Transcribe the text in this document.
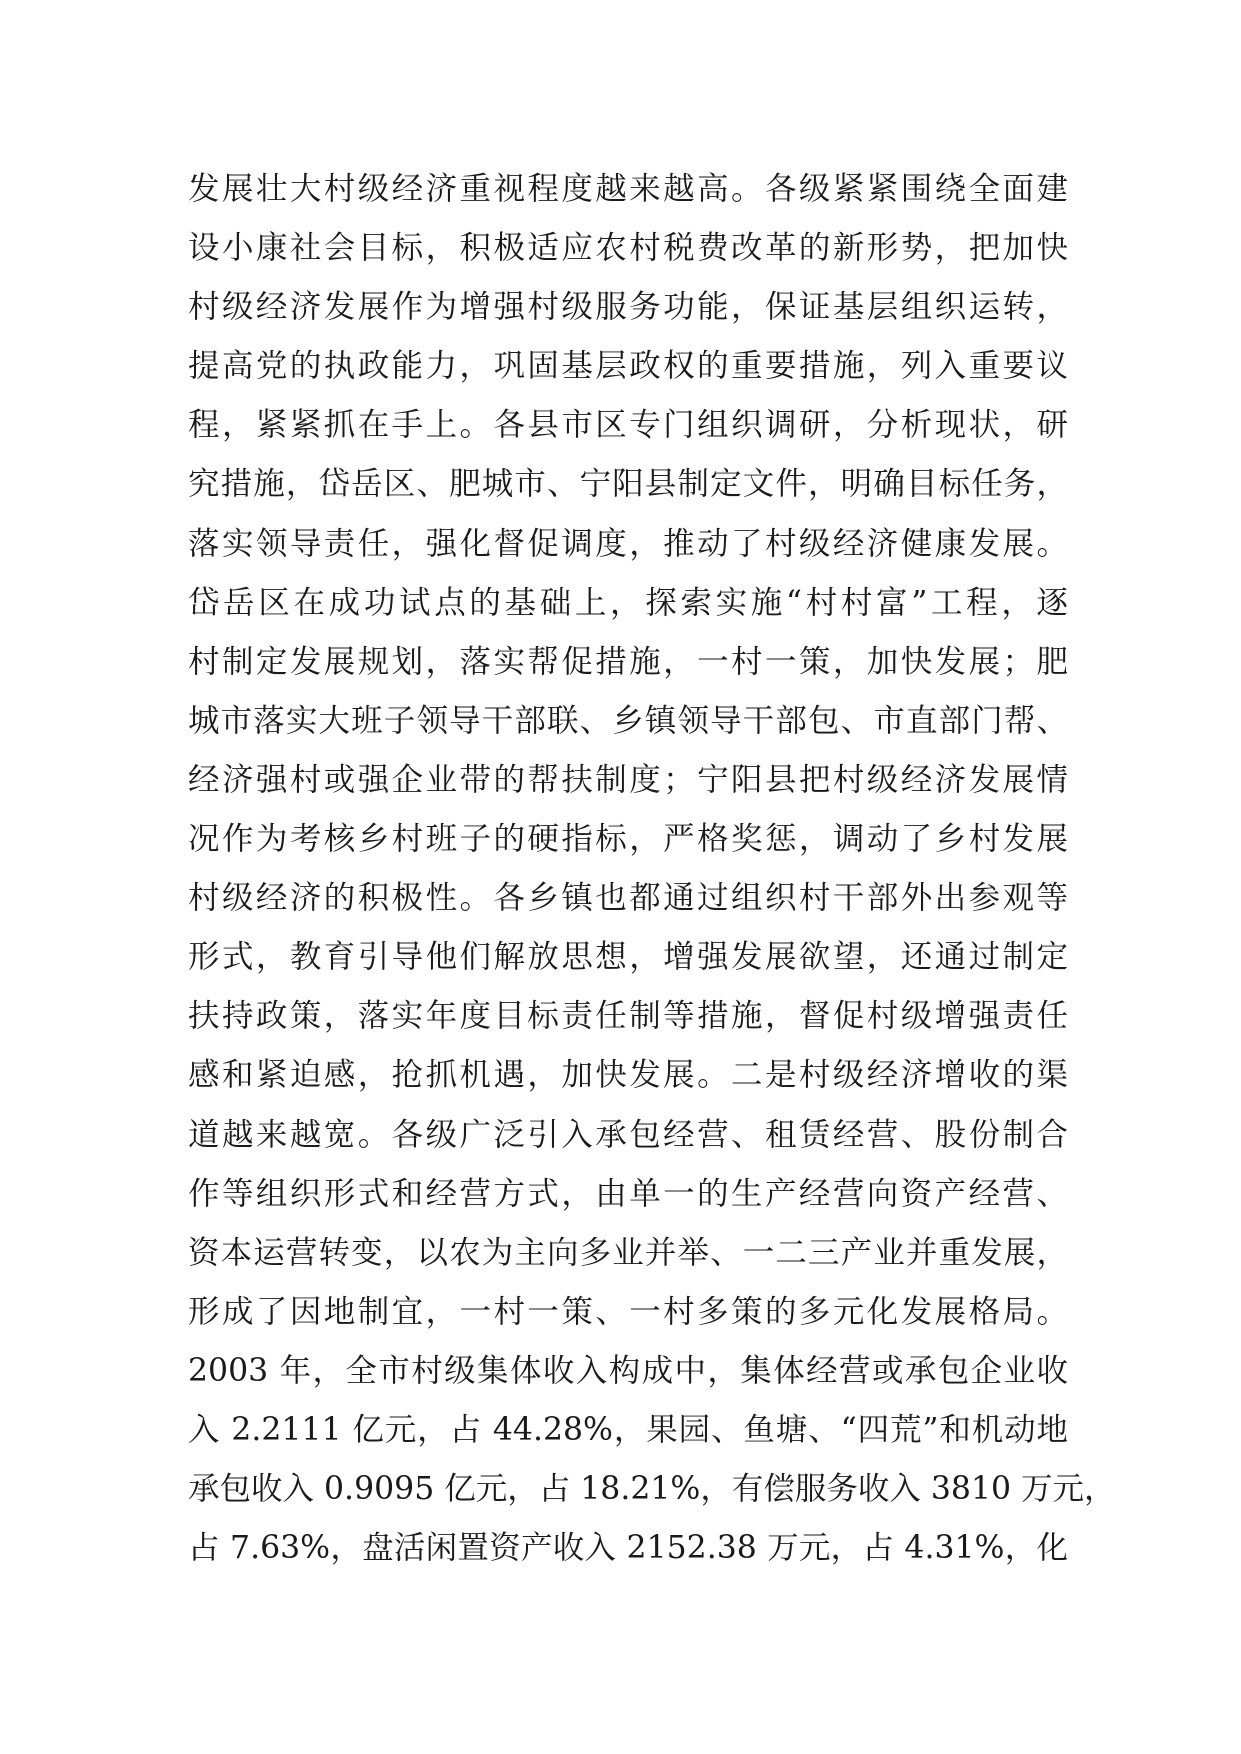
发展壮大村级经济重视程度越来越高。各级紧紧围绕全面建
设小康社会目标，积极适应农村税费改革的新形势，把加快
村级经济发展作为增强村级服务功能，保证基层组织运转，
提高党的执政能力，巩固基层政权的重要措施，列入重要议
程，紧紧抓在手上。各县市区专门组织调研，分析现状，研
究措施，岱岳区、肥城市、宁阳县制定文件，明确目标任务，
落实领导责任，强化督促调度，推动了村级经济健康发展。
岱岳区在成功试点的基础上，探索实施“村村富”工程，逐
村制定发展规划，落实帮促措施，一村一策，加快发展；肥
城市落实大班子领导干部联、乡镇领导干部包、市直部门帮、
经济强村或强企业带的帮扶制度；宁阳县把村级经济发展情
况作为考核乡村班子的硬指标，严格奖惩，调动了乡村发展
村级经济的积极性。各乡镇也都通过组织村干部外出参观等
形式，教育引导他们解放思想，增强发展欲望，还通过制定
扶持政策，落实年度目标责任制等措施，督促村级增强责任
感和紧迫感，抢抓机遇，加快发展。二是村级经济增收的渠
道越来越宽。各级广泛引入承包经营、租赁经营、股份制合
作等组织形式和经营方式，由单一的生产经营向资产经营、
资本运营转变，以农为主向多业并举、一二三产业并重发展，
形成了因地制宜，一村一策、一村多策的多元化发展格局。
2003 年，全市村级集体收入构成中，集体经营或承包企业收
入 2.2111 亿元，占 44.28%，果园、鱼塘、“四荒”和机动地
承包收入 0.9095 亿元，占 18.21%，有偿服务收入 3810 万元，
占 7.63%，盘活闲置资产收入 2152.38 万元，占 4.31%，化
